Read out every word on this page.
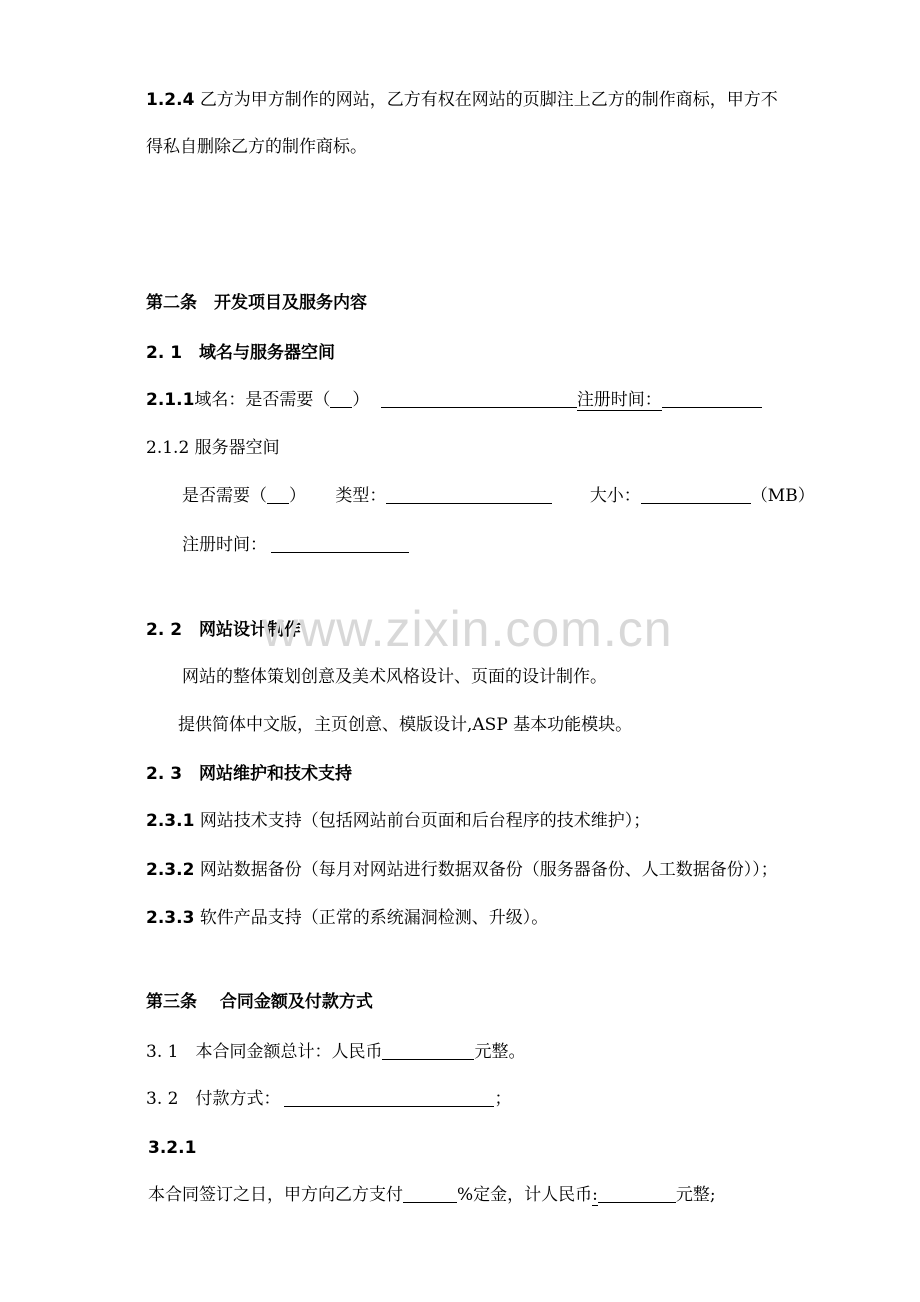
1.2.4 乙方为甲方制作的网站，乙方有权在网站的页脚注上乙方的制作商标，甲方不
得私自删除乙方的制作商标。
第二条　开发项目及服务内容
2. 1　域名与服务器空间
2.1.1域名：是否需要（ ）	注册时间：
2.1.2 服务器空间
是否需要（ ） 类型：	大小：	（MB）
注册时间：
2. 2　网站设计制作
网站的整体策划创意及美术风格设计、页面的设计制作。
提供简体中文版，主页创意、模版设计,ASP 基本功能模块。
2. 3　网站维护和技术支持
2.3.1 网站技术支持（包括网站前台页面和后台程序的技术维护）；
2.3.2 网站数据备份（每月对网站进行数据双备份（服务器备份、人工数据备份））；
2.3.3 软件产品支持（正常的系统漏洞检测、升级）。
第三条　 合同金额及付款方式
3. 1　本合同金额总计：人民币	元整。
3. 2　付款方式：	；
3.2.1
本合同签订之日，甲方向乙方支付	%定金，计人民币:	元整;
www.zixin.com.cn
